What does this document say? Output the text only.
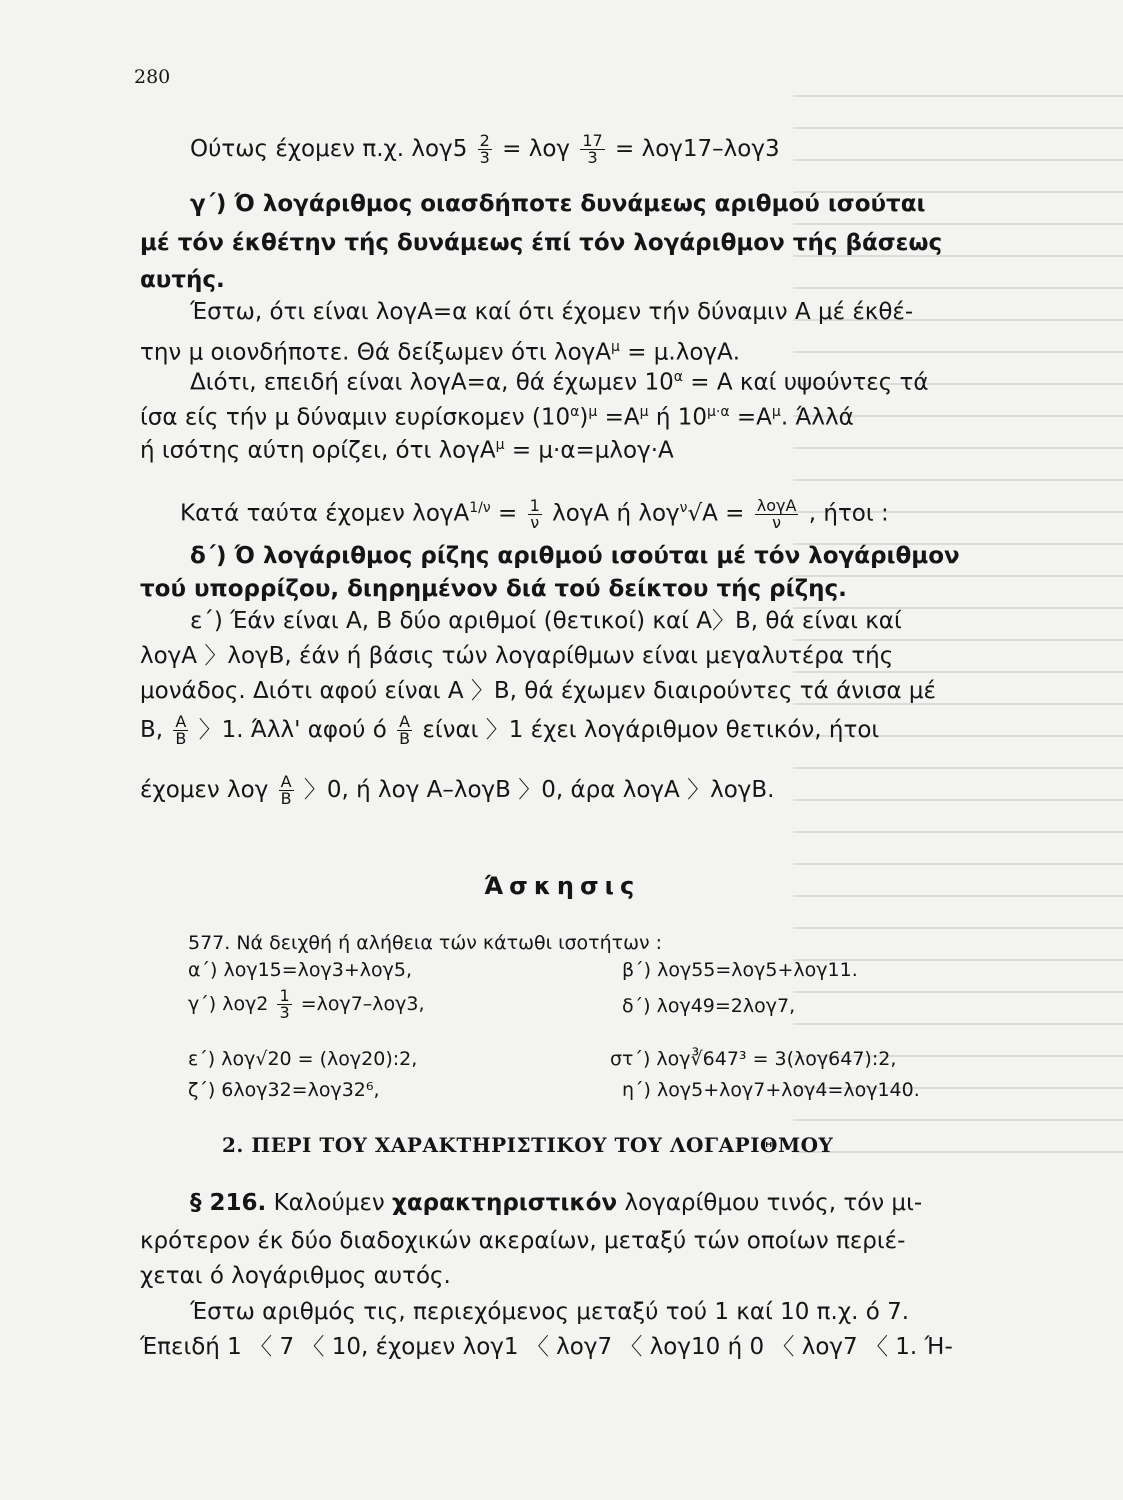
280
Ούτως έχομεν π.χ. $\lambda o\gamma 5 \frac{2}{3} = \lambda o\gamma \frac{17}{3} = \lambda o\gamma 17-\lambda o\gamma 3$
γ΄) Ό λογάριθμος οιασδήποτε δυνάμεως αριθμού ισούται
μέ τόν έκθέτην τής δυνάμεως έπί τόν λογάριθμον τής βάσεως
αυτής.
Έστω, ότι είναι λογΑ=α καί ότι έχομεν τήν δύναμιν Α μέ έκθέ-
την μ οιονδήποτε. Θά δείξωμεν ότι λογΑ$^\mu$ = μ.λογΑ.
Διότι, επειδή είναι λογΑ=α, θά έχωμεν $10^\alpha = A$ καί υψούντες τά
ίσα είς τήν μ δύναμιν ευρίσκομεν $(10^\alpha)^\mu =A^\mu$ ή $10^{\mu\cdot\alpha} =A^\mu$. Άλλά
ή ισότης αύτη ορίζει, ότι λογΑ$^\mu$ = μ·α=μλογ·Α
Κατά ταύτα έχομεν $\lambda o\gamma A^{1/\nu} = \frac{1}{\nu}$ λογΑ ή $\lambda o\gamma^\nu√A = \frac{\text{λογΑ}}{\nu}$ , ήτοι :
δ΄) Ό λογάριθμος ρίζης αριθμού ισούται μέ τόν λογάριθμον
τού υπορρίζου, διηρημένον διά τού δείκτου τής ρίζης.
ε΄) Έάν είναι Α, Β δύο αριθμοί (θετικοί) καί Α〉Β, θά είναι καί
λογΑ 〉λογΒ, έάν ή βάσις τών λογαρίθμων είναι μεγαλυτέρα τής
μονάδος. Διότι αφού είναι Α 〉Β, θά έχωμεν διαιρούντες τά άνισα μέ
Β, $\frac{A}{B}$ 〉1. Άλλ' αφού ό $\frac{A}{B}$ είναι 〉1 έχει λογάριθμον θετικόν, ήτοι
έχομεν λογ $\frac{A}{B}$ 〉0, ή λογ Α–λογΒ 〉0, άρα λογΑ 〉λογΒ.
Άσκησις
577. Νά δειχθή ή αλήθεια τών κάτωθι ισοτήτων :
α΄) λογ15=λογ3+λογ5,	β΄) λογ55=λογ5+λογ11.
γ΄) $\lambda o\gamma 2 \frac{1}{3} =\lambda o\gamma 7-\lambda o\gamma 3$,	δ΄) λογ49=2λογ7,
ε΄) λογ√20 = (λογ20):2,	στ΄) λογ∛647³ = 3(λογ647):2,
ζ΄) 6λογ32=λογ32⁶,	η΄) λογ5+λογ7+λογ4=λογ140.
2. ΠΕΡΙ ΤΟΥ ΧΑΡΑΚΤΗΡΙΣΤΙΚΟΥ ΤΟΥ ΛΟΓΑΡΙΘΜΟΥ
§ 216. Καλούμεν χαρακτηριστικόν λογαρίθμου τινός, τόν μι-
κρότερον έκ δύο διαδοχικών ακεραίων, μεταξύ τών οποίων περιέ-
χεται ό λογάριθμος αυτός.
Έστω αριθμός τις, περιεχόμενος μεταξύ τού 1 καί 10 π.χ. ό 7.
Έπειδή 1 〈 7 〈 10, έχομεν λογ1 〈 λογ7 〈 λογ10 ή 0 〈 λογ7 〈 1. Ή-
